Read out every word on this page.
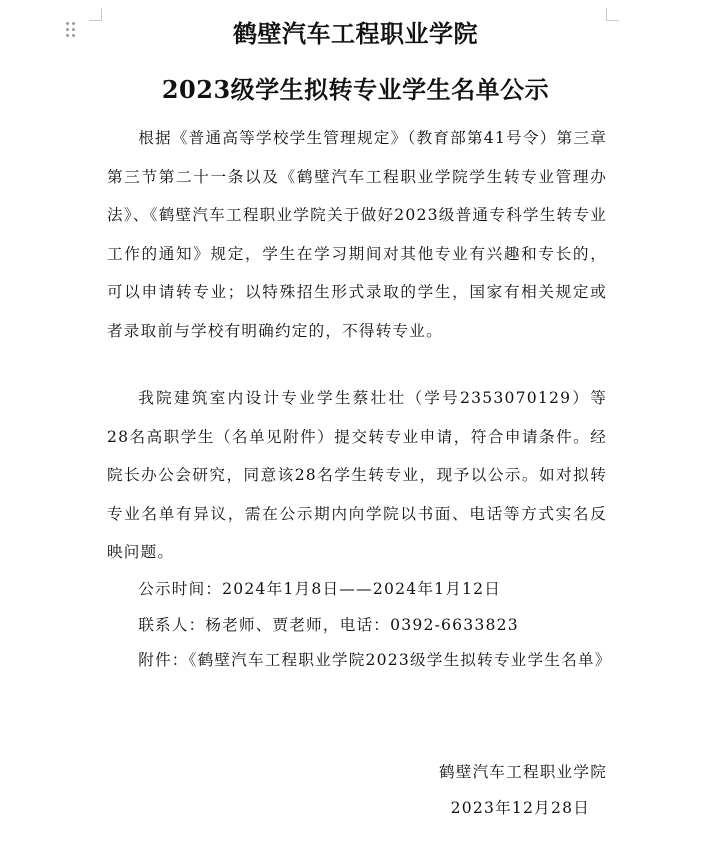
鹤壁汽车工程职业学院
2023级学生拟转专业学生名单公示

根据《普通高等学校学生管理规定》（教育部第41号令）第三章第三节第二十一条以及《鹤壁汽车工程职业学院学生转专业管理办法》、《鹤壁汽车工程职业学院关于做好2023级普通专科学生转专业工作的通知》规定，学生在学习期间对其他专业有兴趣和专长的，可以申请转专业；以特殊招生形式录取的学生，国家有相关规定或者录取前与学校有明确约定的，不得转专业。

我院建筑室内设计专业学生蔡壮壮（学号2353070129）等28名高职学生（名单见附件）提交转专业申请，符合申请条件。经院长办公会研究，同意该28名学生转专业，现予以公示。如对拟转专业名单有异议，需在公示期内向学院以书面、电话等方式实名反映问题。

公示时间：2024年1月8日——2024年1月12日

联系人：杨老师、贾老师，电话：0392-6633823

附件：《鹤壁汽车工程职业学院2023级学生拟转专业学生名单》

鹤壁汽车工程职业学院

2023年12月28日
